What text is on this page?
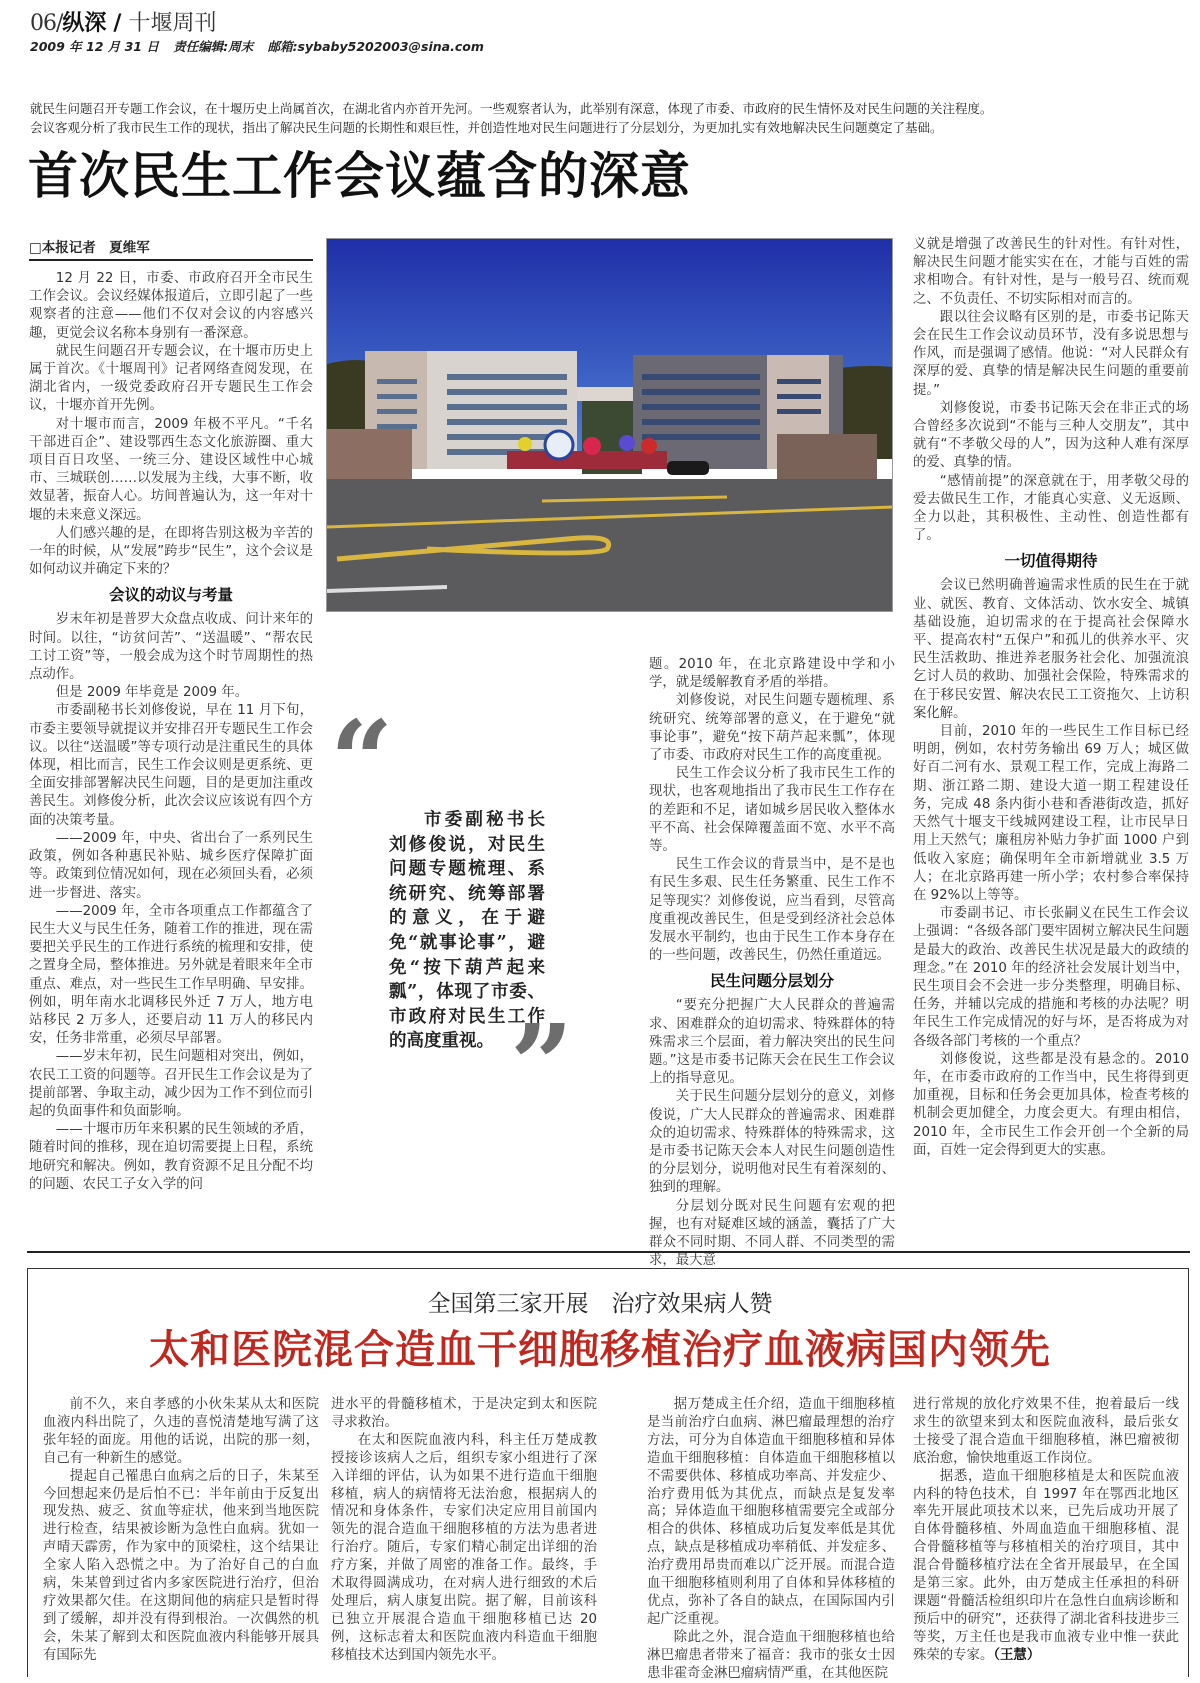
06/纵深 / 十堰周刊
2009 年 12 月 31 日 责任编辑:周末 邮箱:sybaby5202003@sina.com
就民生问题召开专题工作会议，在十堰历史上尚属首次，在湖北省内亦首开先河。一些观察者认为，此举别有深意，体现了市委、市政府的民生情怀及对民生问题的关注程度。
会议客观分析了我市民生工作的现状，指出了解决民生问题的长期性和艰巨性，并创造性地对民生问题进行了分层划分，为更加扎实有效地解决民生问题奠定了基础。
首次民生工作会议蕴含的深意
□本报记者　夏维军

12 月 22 日，市委、市政府召开全市民生工作会议。会议经媒体报道后，立即引起了一些观察者的注意——他们不仅对会议的内容感兴趣，更觉会议名称本身别有一番深意。

就民生问题召开专题会议，在十堰市历史上属于首次。《十堰周刊》记者网络查阅发现，在湖北省内，一级党委政府召开专题民生工作会议，十堰亦首开先例。

对十堰市而言，2009 年极不平凡。“千名干部进百企”、建设鄂西生态文化旅游圈、重大项目百日攻坚、一统三分、建设区域性中心城市、三城联创……以发展为主线，大事不断，收效显著，振奋人心。坊间普遍认为，这一年对十堰的未来意义深远。

人们感兴趣的是，在即将告别这极为辛苦的一年的时候，从“发展”跨步“民生”，这个会议是如何动议并确定下来的？

会议的动议与考量

岁末年初是普罗大众盘点收成、问计来年的时间。以往，“访贫问苦”、“送温暖”、“帮农民工讨工资”等，一般会成为这个时节周期性的热点动作。

但是 2009 年毕竟是 2009 年。

市委副秘书长刘修俊说，早在 11 月下旬，市委主要领导就提议并安排召开专题民生工作会议。以往“送温暖”等专项行动是注重民生的具体体现，相比而言，民生工作会议则是更系统、更全面安排部署解决民生问题，目的是更加注重改善民生。刘修俊分析，此次会议应该说有四个方面的决策考量。

——2009 年，中央、省出台了一系列民生政策，例如各种惠民补贴、城乡医疗保障扩面等。政策到位情况如何，现在必须回头看，必须进一步督进、落实。

——2009 年，全市各项重点工作都蕴含了民生大义与民生任务，随着工作的推进，现在需要把关乎民生的工作进行系统的梳理和安排，使之置身全局，整体推进。另外就是着眼来年全市重点、难点，对一些民生工作早明确、早安排。例如，明年南水北调移民外迁 7 万人，地方电站移民 2 万多人，还要启动 11 万人的移民内安，任务非常重，必须尽早部署。

——岁末年初，民生问题相对突出，例如，农民工工资的问题等。召开民生工作会议是为了提前部署、争取主动，减少因为工作不到位而引起的负面事件和负面影响。

——十堰市历年来积累的民生领域的矛盾，随着时间的推移，现在迫切需要提上日程，系统地研究和解决。例如，教育资源不足且分配不均的问题、农民工子女入学的问

题。2010 年，在北京路建设中学和小学，就是缓解教育矛盾的举措。

刘修俊说，对民生问题专题梳理、系统研究、统筹部署的意义，在于避免“就事论事”，避免“按下葫芦起来瓢”，体现了市委、市政府对民生工作的高度重视。

民生工作会议分析了我市民生工作的现状，也客观地指出了我市民生工作存在的差距和不足，诸如城乡居民收入整体水平不高、社会保障覆盖面不宽、水平不高等。

民生工作会议的背景当中，是不是也有民生多艰、民生任务繁重、民生工作不足等现实？刘修俊说，应当看到，尽管高度重视改善民生，但是受到经济社会总体发展水平制约，也由于民生工作本身存在的一些问题，改善民生，仍然任重道远。

民生问题分层划分

“要充分把握广大人民群众的普遍需求、困难群众的迫切需求、特殊群体的特殊需求三个层面，着力解决突出的民生问题。”这是市委书记陈天会在民生工作会议上的指导意见。

关于民生问题分层划分的意义，刘修俊说，广大人民群众的普遍需求、困难群众的迫切需求、特殊群体的特殊需求，这是市委书记陈天会本人对民生问题创造性的分层划分，说明他对民生有着深刻的、独到的理解。

分层划分既对民生问题有宏观的把握，也有对疑难区域的涵盖，囊括了广大群众不同时期、不同人群、不同类型的需求，最大意

义就是增强了改善民生的针对性。有针对性，解决民生问题才能实实在在，才能与百姓的需求相吻合。有针对性，是与一般号召、统而观之、不负责任、不切实际相对而言的。

跟以往会议略有区别的是，市委书记陈天会在民生工作会议动员环节，没有多说思想与作风，而是强调了感情。他说：“对人民群众有深厚的爱、真挚的情是解决民生问题的重要前提。”

刘修俊说，市委书记陈天会在非正式的场合曾经多次说到“不能与三种人交朋友”，其中就有“不孝敬父母的人”，因为这种人难有深厚的爱、真挚的情。

“感情前提”的深意就在于，用孝敬父母的爱去做民生工作，才能真心实意、义无返顾、全力以赴，其积极性、主动性、创造性都有了。

一切值得期待

会议已然明确普遍需求性质的民生在于就业、就医、教育、文体活动、饮水安全、城镇基础设施，迫切需求的在于提高社会保障水平、提高农村“五保户”和孤儿的供养水平、灾民生活救助、推进养老服务社会化、加强流浪乞讨人员的救助、加强社会保险，特殊需求的在于移民安置、解决农民工工资拖欠、上访积案化解。

目前，2010 年的一些民生工作目标已经明朗，例如，农村劳务输出 69 万人；城区做好百二河有水、景观工程工作，完成上海路二期、浙江路二期、建设大道一期工程建设任务，完成 48 条内街小巷和香港街改造，抓好天然气十堰支干线城网建设工程，让市民早日用上天然气；廉租房补贴力争扩面 1000 户到低收入家庭；确保明年全市新增就业 3.5 万人；在北京路再建一所小学；农村参合率保持在 92%以上等等。

市委副书记、市长张嗣义在民生工作会议上强调：“各级各部门要牢固树立解决民生问题是最大的政治、改善民生状况是最大的政绩的理念。”在 2010 年的经济社会发展计划当中，民生项目会不会进一步分类整理，明确目标、任务，并辅以完成的措施和考核的办法呢？明年民生工作完成情况的好与坏，是否将成为对各级各部门考核的一个重点？

刘修俊说，这些都是没有悬念的。2010 年，在市委市政府的工作当中，民生将得到更加重视，目标和任务会更加具体，检查考核的机制会更加健全，力度会更大。有理由相信，2010 年，全市民生工作会开创一个全新的局面，百姓一定会得到更大的实惠。

“	市委副秘书长刘修俊说，对民生问题专题梳理、系统研究、统筹部署的意义，在于避免“就事论事”，避免“按下葫芦起来瓢”，体现了市委、市政府对民生工作的高度重视。 ”
全国第三家开展　治疗效果病人赞
太和医院混合造血干细胞移植治疗血液病国内领先

前不久，来自孝感的小伙朱某从太和医院血液内科出院了，久违的喜悦清楚地写满了这张年轻的面庞。用他的话说，出院的那一刻，自己有一种新生的感觉。

提起自己罹患白血病之后的日子，朱某至今回想起来仍是后怕不已：半年前由于反复出现发热、疲乏、贫血等症状，他来到当地医院进行检查，结果被诊断为急性白血病。犹如一声晴天霹雳，作为家中的顶梁柱，这个结果让全家人陷入恐慌之中。为了治好自己的白血病，朱某曾到过省内多家医院进行治疗，但治疗效果都欠佳。在这期间他的病症只是暂时得到了缓解，却并没有得到根治。一次偶然的机会，朱某了解到太和医院血液内科能够开展具有国际先

进水平的骨髓移植术，于是决定到太和医院寻求救治。

在太和医院血液内科，科主任万楚成教授接诊该病人之后，组织专家小组进行了深入详细的评估，认为如果不进行造血干细胞移植，病人的病情将无法治愈，根据病人的情况和身体条件，专家们决定应用目前国内领先的混合造血干细胞移植的方法为患者进行治疗。随后，专家们精心制定出详细的治疗方案，并做了周密的准备工作。最终，手术取得圆满成功，在对病人进行细致的术后处理后，病人康复出院。据了解，目前该科已独立开展混合造血干细胞移植已达 20 例，这标志着太和医院血液内科造血干细胞移植技术达到国内领先水平。

据万楚成主任介绍，造血干细胞移植是当前治疗白血病、淋巴瘤最理想的治疗方法，可分为自体造血干细胞移植和异体造血干细胞移植：自体造血干细胞移植以不需要供体、移植成功率高、并发症少、治疗费用低为其优点，而缺点是复发率高；异体造血干细胞移植需要完全或部分相合的供体、移植成功后复发率低是其优点，缺点是移植成功率稍低、并发症多、治疗费用昂贵而难以广泛开展。而混合造血干细胞移植则利用了自体和异体移植的优点，弥补了各自的缺点，在国际国内引起广泛重视。

除此之外，混合造血干细胞移植也给淋巴瘤患者带来了福音：我市的张女士因患非霍奇金淋巴瘤病情严重，在其他医院

进行常规的放化疗效果不佳，抱着最后一线求生的欲望来到太和医院血液科，最后张女士接受了混合造血干细胞移植，淋巴瘤被彻底治愈，愉快地重返工作岗位。

据悉，造血干细胞移植是太和医院血液内科的特色技术，自 1997 年在鄂西北地区率先开展此项技术以来，已先后成功开展了自体骨髓移植、外周血造血干细胞移植、混合骨髓移植等与移植相关的治疗项目，其中混合骨髓移植疗法在全省开展最早，在全国是第三家。此外，由万楚成主任承担的科研课题“骨髓活检组织印片在急性白血病诊断和预后中的研究”，还获得了湖北省科技进步三等奖，万主任也是我市血液专业中惟一获此殊荣的专家。（王慧）
